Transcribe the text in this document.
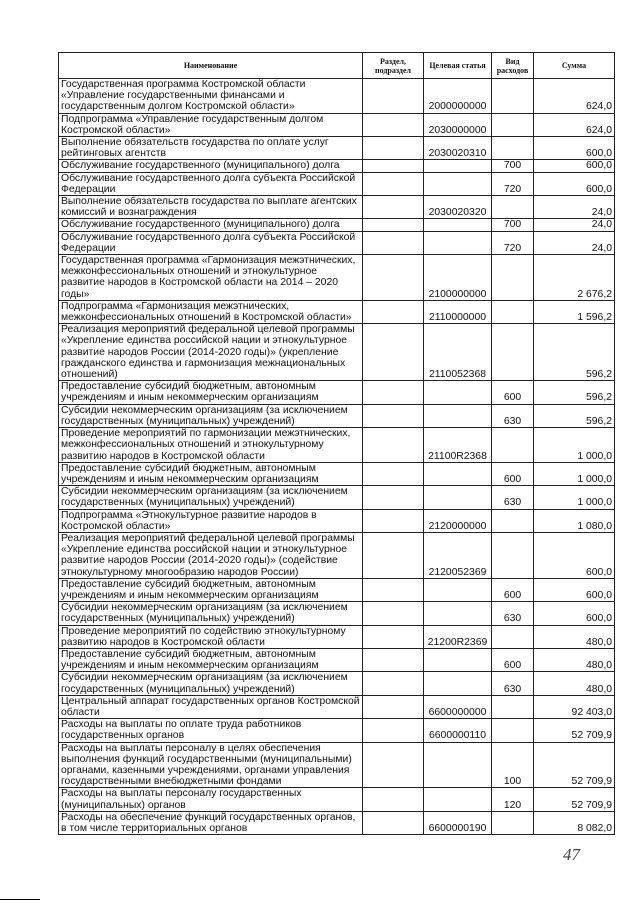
Наименование	Раздел, подраздел	Целевая статья	Вид расходов	Сумма
Государственная программа Костромской области «Управление государственными финансами и государственным долгом Костромской области»		2000000000		624,0
Подпрограмма «Управление государственным долгом Костромской области»		2030000000		624,0
Выполнение обязательств государства по оплате услуг рейтинговых агентств		2030020310		600,0
Обслуживание государственного (муниципального) долга			700	600,0
Обслуживание государственного долга субъекта Российской Федерации			720	600,0
Выполнение обязательств государства по выплате агентских комиссий и вознаграждения		2030020320		24,0
Обслуживание государственного (муниципального) долга			700	24,0
Обслуживание государственного долга субъекта Российской Федерации			720	24,0
Государственная программа «Гармонизация межэтнических, межконфессиональных отношений и этнокультурное развитие народов в Костромской области на 2014 – 2020 годы»		2100000000		2 676,2
Подпрограмма «Гармонизация межэтнических, межконфессиональных отношений в Костромской области»		2110000000		1 596,2
Реализация мероприятий федеральной целевой программы «Укрепление единства российской нации и этнокультурное развитие народов России (2014-2020 годы)» (укрепление гражданского единства и гармонизация межнациональных отношений)		2110052368		596,2
Предоставление субсидий бюджетным, автономным учреждениям и иным некоммерческим организациям			600	596,2
Субсидии некоммерческим организациям (за исключением государственных (муниципальных) учреждений)			630	596,2
Проведение мероприятий по гармонизации межэтнических, межконфессиональных отношений и этнокультурному развитию народов в Костромской области		21100R2368		1 000,0
Предоставление субсидий бюджетным, автономным учреждениям и иным некоммерческим организациям			600	1 000,0
Субсидии некоммерческим организациям (за исключением государственных (муниципальных) учреждений)			630	1 000,0
Подпрограмма «Этнокультурное развитие народов в Костромской области»		2120000000		1 080,0
Реализация мероприятий федеральной целевой программы «Укрепление единства российской нации и этнокультурное развитие народов России (2014-2020 годы)» (содействие этнокультурному многообразию народов России)		2120052369		600,0
Предоставление субсидий бюджетным, автономным учреждениям и иным некоммерческим организациям			600	600,0
Субсидии некоммерческим организациям (за исключением государственных (муниципальных) учреждений)			630	600,0
Проведение мероприятий по содействию этнокультурному развитию народов в Костромской области		21200R2369		480,0
Предоставление субсидий бюджетным, автономным учреждениям и иным некоммерческим организациям			600	480,0
Субсидии некоммерческим организациям (за исключением государственных (муниципальных) учреждений)			630	480,0
Центральный аппарат государственных органов Костромской области		6600000000		92 403,0
Расходы на выплаты по оплате труда работников государственных органов		6600000110		52 709,9
Расходы на выплаты персоналу в целях обеспечения выполнения функций государственными (муниципальными) органами, казенными учреждениями, органами управления государственными внебюджетными фондами			100	52 709,9
Расходы на выплаты персоналу государственных (муниципальных) органов			120	52 709,9
Расходы на обеспечение функций государственных органов, в том числе территориальных органов		6600000190		8 082,0
47
